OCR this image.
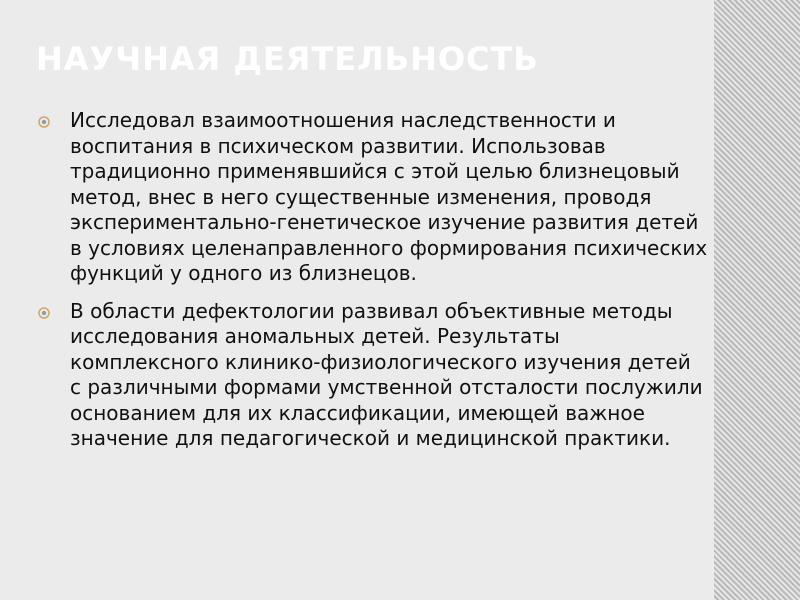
НАУЧНАЯ ДЕЯТЕЛЬНОСТЬ
Исследовал взаимоотношения наследственности и воспитания в психическом развитии. Использовав традиционно применявшийся с этой целью близнецовый метод, внес в него существенные изменения, проводя экспериментально-генетическое изучение развития детей в условиях целенаправленного формирования психических функций у одного из близнецов.
В области дефектологии развивал объективные методы исследования аномальных детей. Результаты комплексного клинико-физиологического изучения детей с различными формами умственной отсталости послужили основанием для их классификации, имеющей важное значение для педагогической и медицинской практики.
